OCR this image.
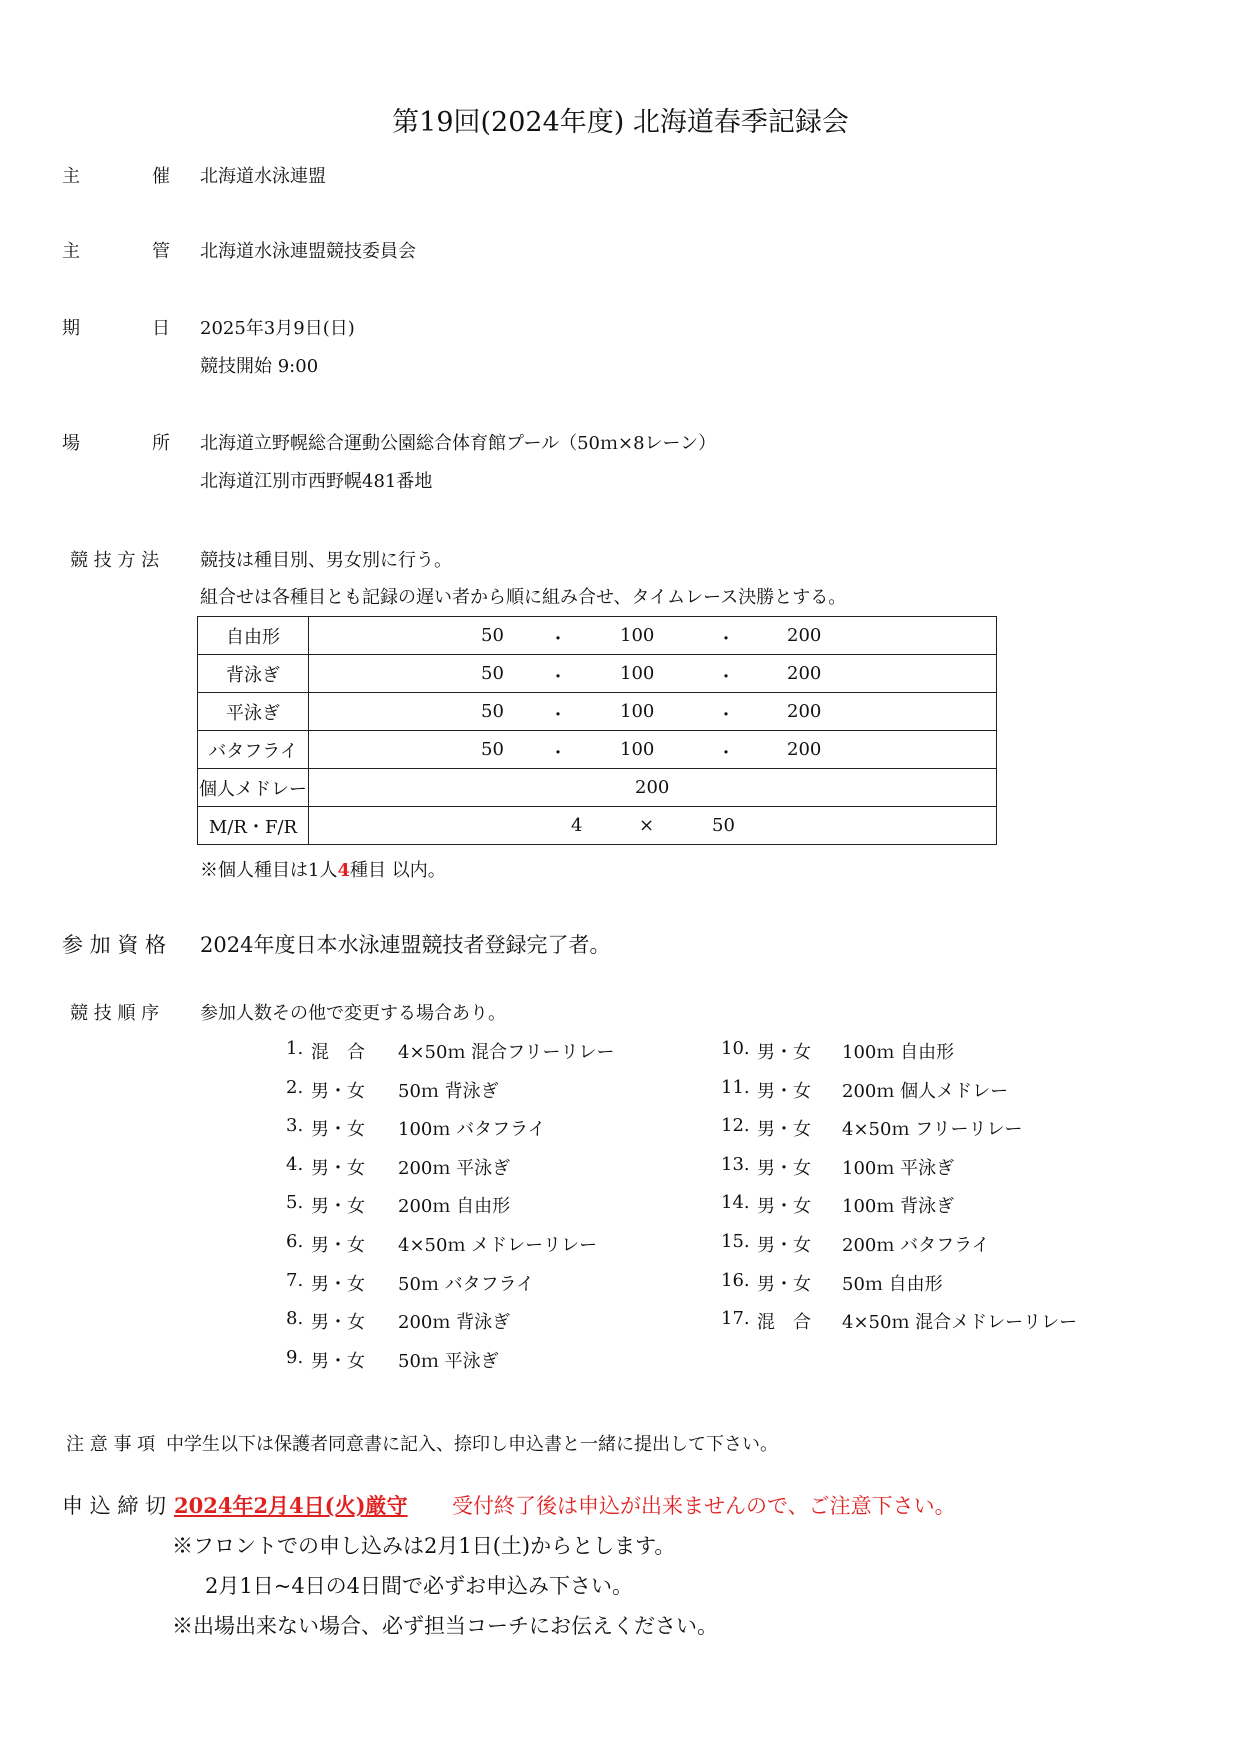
第19回(2024年度) 北海道春季記録会
主	催 北海道水泳連盟
主	管 北海道水泳連盟競技委員会
期	日 2025年3月9日(日)
競技開始 9:00
場	所 北海道立野幌総合運動公園総合体育館プール（50ｍ×8レーン）
北海道江別市西野幌481番地
競 技 方 法 競技は種目別、男女別に行う。
組合せは各種目とも記録の遅い者から順に組み合せ、タイムレース決勝とする。
自由形	50 ・ 100 ・ 200

背泳ぎ	50 ・ 100 ・ 200

平泳ぎ	50 ・ 100 ・ 200

バタフライ	50 ・ 100 ・ 200

個人メドレー	200

M/R・F/R	4 × 50
※個人種目は1人4種目 以内。
参 加 資 格 2024年度日本水泳連盟競技者登録完了者。
競 技 順 序 参加人数その他で変更する場合あり。
1. 混　合 4×50ｍ 混合フリーリレー
2. 男・女 50ｍ 背泳ぎ
3. 男・女 100ｍ バタフライ
4. 男・女 200ｍ 平泳ぎ
5. 男・女 200ｍ 自由形
6. 男・女 4×50ｍ メドレーリレー
7. 男・女 50ｍ バタフライ
8. 男・女 200ｍ 背泳ぎ
9. 男・女 50ｍ 平泳ぎ
10. 男・女 100ｍ 自由形
11. 男・女 200ｍ 個人メドレー
12. 男・女 4×50ｍ フリーリレー
13. 男・女 100ｍ 平泳ぎ
14. 男・女 100ｍ 背泳ぎ
15. 男・女 200ｍ バタフライ
16. 男・女 50ｍ 自由形
17. 混　合 4×50ｍ 混合メドレーリレー
注 意 事 項 中学生以下は保護者同意書に記入、捺印し申込書と一緒に提出して下さい。
申 込 締 切 2024年2月4日(火)厳守 受付終了後は申込が出来ませんので、ご注意下さい。
※フロントでの申し込みは2月1日(土)からとします。
2月1日~4日の4日間で必ずお申込み下さい。
※出場出来ない場合、必ず担当コーチにお伝えください。
